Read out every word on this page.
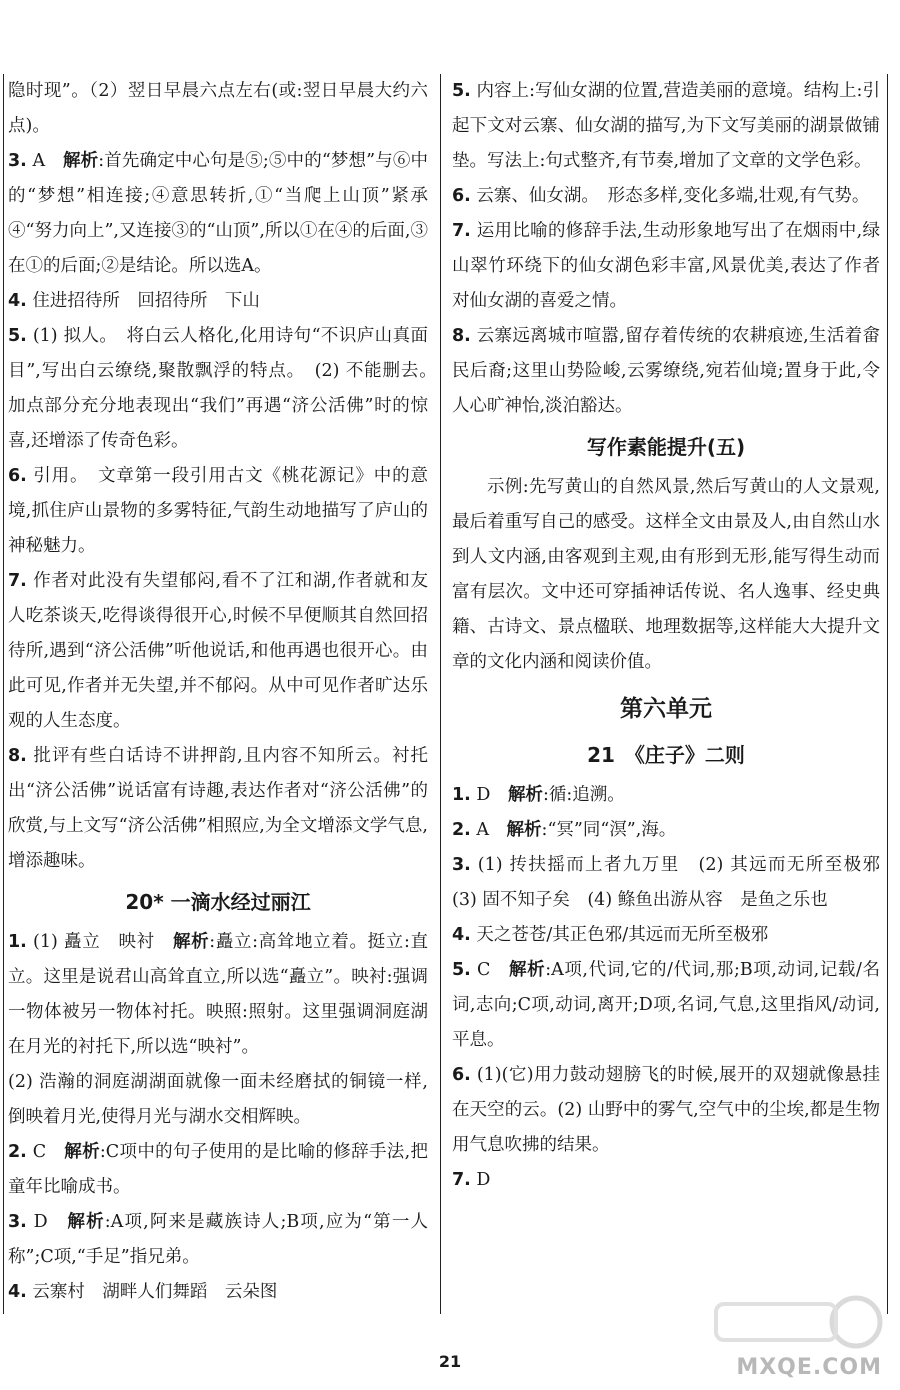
隐时现”。（2）翌日早晨六点左右(或:翌日早晨大约六点)。

3. A　解析:首先确定中心句是⑤;⑤中的“梦想”与⑥中的“梦想”相连接;④意思转折,①“当爬上山顶”紧承④“努力向上”,又连接③的“山顶”,所以①在④的后面,③在①的后面;②是结论。所以选A。

4. 住进招待所　回招待所　下山

5. (1) 拟人。　将白云人格化,化用诗句“不识庐山真面目”,写出白云缭绕,聚散飘浮的特点。　(2) 不能删去。　加点部分充分地表现出“我们”再遇“济公活佛”时的惊喜,还增添了传奇色彩。

6. 引用。　文章第一段引用古文《桃花源记》中的意境,抓住庐山景物的多雾特征,气韵生动地描写了庐山的神秘魅力。

7. 作者对此没有失望郁闷,看不了江和湖,作者就和友人吃茶谈天,吃得谈得很开心,时候不早便顺其自然回招待所,遇到“济公活佛”听他说话,和他再遇也很开心。由此可见,作者并无失望,并不郁闷。从中可见作者旷达乐观的人生态度。

8. 批评有些白话诗不讲押韵,且内容不知所云。衬托出“济公活佛”说话富有诗趣,表达作者对“济公活佛”的欣赏,与上文写“济公活佛”相照应,为全文增添文学气息,增添趣味。

20* 一滴水经过丽江

1. (1) 矗立　映衬　解析:矗立:高耸地立着。挺立:直立。这里是说君山高耸直立,所以选“矗立”。映衬:强调一物体被另一物体衬托。映照:照射。这里强调洞庭湖在月光的衬托下,所以选“映衬”。

(2) 浩瀚的洞庭湖湖面就像一面未经磨拭的铜镜一样,倒映着月光,使得月光与湖水交相辉映。

2. C　解析:C项中的句子使用的是比喻的修辞手法,把童年比喻成书。

3. D　解析:A项,阿来是藏族诗人;B项,应为“第一人称”;C项,“手足”指兄弟。

4. 云寨村　湖畔人们舞蹈　云朵图

5. 内容上:写仙女湖的位置,营造美丽的意境。结构上:引起下文对云寨、仙女湖的描写,为下文写美丽的湖景做铺垫。写法上:句式整齐,有节奏,增加了文章的文学色彩。

6. 云寨、仙女湖。　形态多样,变化多端,壮观,有气势。

7. 运用比喻的修辞手法,生动形象地写出了在烟雨中,绿山翠竹环绕下的仙女湖色彩丰富,风景优美,表达了作者对仙女湖的喜爱之情。

8. 云寨远离城市喧嚣,留存着传统的农耕痕迹,生活着畲民后裔;这里山势险峻,云雾缭绕,宛若仙境;置身于此,令人心旷神怡,淡泊豁达。

写作素能提升(五)

示例:先写黄山的自然风景,然后写黄山的人文景观,最后着重写自己的感受。这样全文由景及人,由自然山水到人文内涵,由客观到主观,由有形到无形,能写得生动而富有层次。文中还可穿插神话传说、名人逸事、经史典籍、古诗文、景点楹联、地理数据等,这样能大大提升文章的文化内涵和阅读价值。

第六单元
21　《庄子》二则

1. D　解析:循:追溯。

2. A　解析:“冥”同“溟”,海。

3. (1) 抟扶摇而上者九万里　(2) 其远而无所至极邪　(3) 固不知子矣　(4) 鲦鱼出游从容　是鱼之乐也

4. 天之苍苍/其正色邪/其远而无所至极邪

5. C　解析:A项,代词,它的/代词,那;B项,动词,记载/名词,志向;C项,动词,离开;D项,名词,气息,这里指风/动词,平息。

6. (1)(它)用力鼓动翅膀飞的时候,展开的双翅就像悬挂在天空的云。(2) 山野中的雾气,空气中的尘埃,都是生物用气息吹拂的结果。

7. D　

21	MXQE.COM
